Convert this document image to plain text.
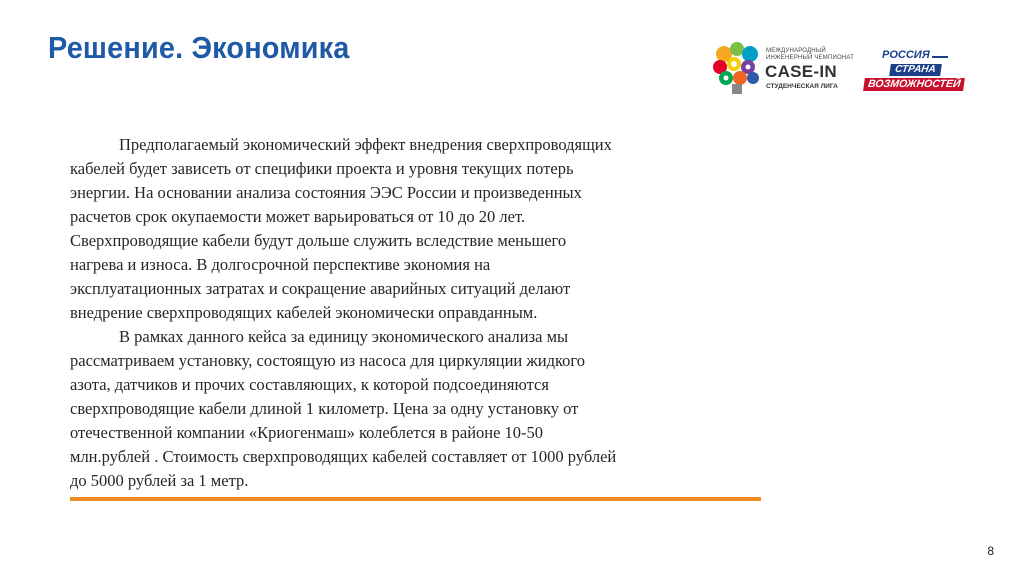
Решение. Экономика	МЕЖДУНАРОДНЫЙ
ИНЖЕНЕРНЫЙ ЧЕМПИОНАТ
CASE-IN
СТУДЕНЧЕСКАЯ ЛИГА
РОССИЯ
СТРАНА
ВОЗМОЖНОСТЕЙ
Предполагаемый экономический эффект внедрения сверхпроводящих
кабелей будет зависеть от специфики проекта и уровня текущих потерь
энергии. На основании анализа состояния ЭЭС России и произведенных
расчетов срок окупаемости может варьироваться от 10 до 20 лет.
Сверхпроводящие кабели будут дольше служить вследствие меньшего
нагрева и износа. В долгосрочной перспективе экономия на
эксплуатационных затратах и сокращение аварийных ситуаций делают
внедрение сверхпроводящих кабелей экономически оправданным.
В рамках данного кейса за единицу экономического анализа мы
рассматриваем установку, состоящую из насоса для циркуляции жидкого
азота, датчиков и прочих составляющих, к которой подсоединяются
сверхпроводящие кабели длиной 1 километр. Цена за одну установку от
отечественной компании «Криогенмаш» колеблется в районе 10-50
млн.рублей . Стоимость сверхпроводящих кабелей составляет от 1000 рублей
до 5000 рублей за 1 метр.
8
